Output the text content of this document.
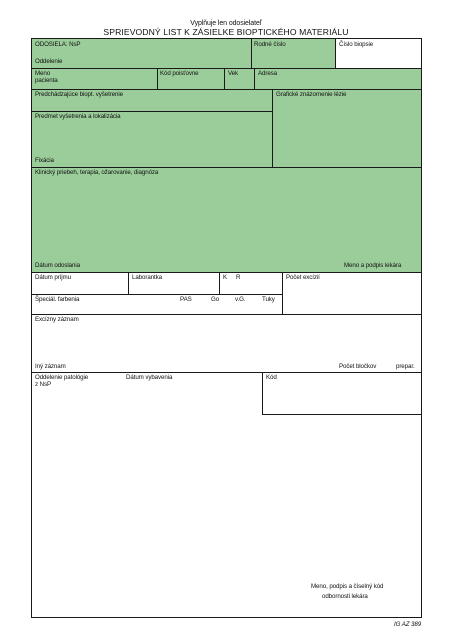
Vyplňuje len odosielateľ
SPRIEVODNÝ LIST K ZÁSIELKE BIOPTICKÉHO MATERIÁLU
ODOSIELA: NsP
Oddelenie
Rodné číslo	Číslo biopsie
Meno
pacienta
Kód poisťovne	Vek	Adresa
Predchádzajúce biopt. vyšetrenie	Grafické znázornenie lézie
Predmet vyšetrenia a lokalizácia
Fixácia
Klinický priebeh, terapia, ožarovanie, diagnóza
Dátum odoslania	Meno a podpis lekára
Dátum príjmu	Laborantka	K R	Počet excízií
Špeciál. farbenia	PAS	Go	v.G.	Tuky
Excízny záznam
Iný záznam	Počet bločkov	prepar.
Oddelenie patológie
z NsP
Dátum vybavenia	Kód
Meno, podpis a číselný kód
odbornosti lekára
IG AZ 389
